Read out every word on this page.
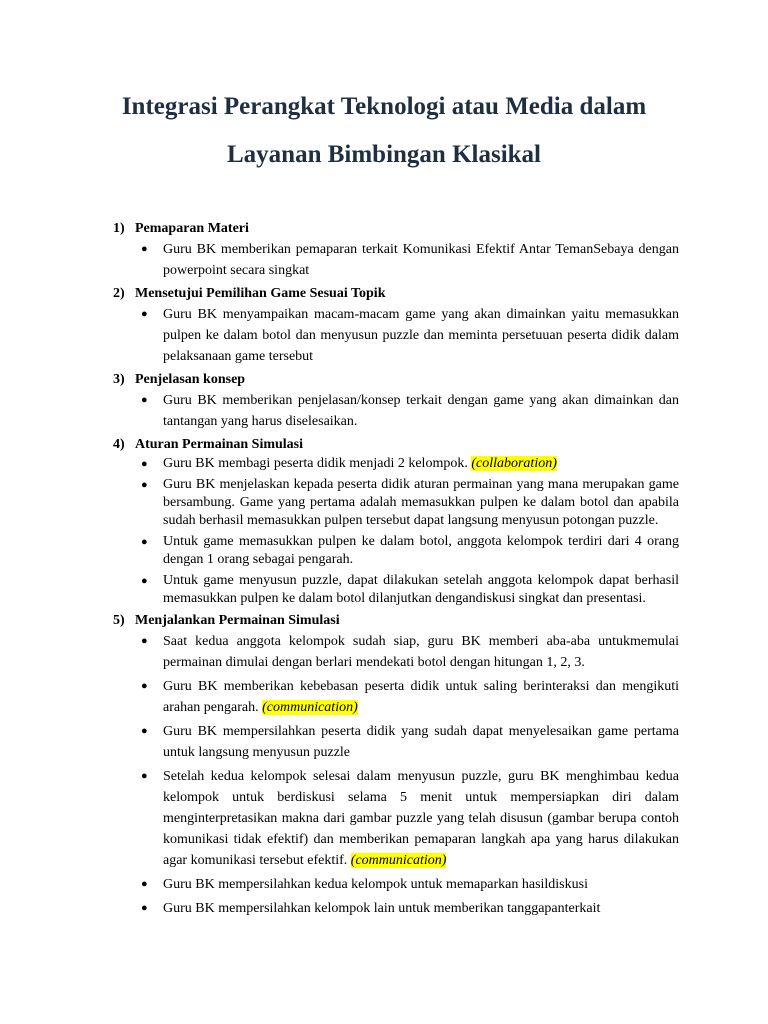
Integrasi Perangkat Teknologi atau Media dalam
Layanan Bimbingan Klasikal
1) Pemaparan Materi
● Guru BK memberikan pemaparan terkait Komunikasi Efektif Antar TemanSebaya dengan powerpoint secara singkat
2) Mensetujui Pemilihan Game Sesuai Topik
● Guru BK menyampaikan macam-macam game yang akan dimainkan yaitu memasukkan pulpen ke dalam botol dan menyusun puzzle dan meminta persetuuan peserta didik dalam pelaksanaan game tersebut
3) Penjelasan konsep
● Guru BK memberikan penjelasan/konsep terkait dengan game yang akan dimainkan dan tantangan yang harus diselesaikan.
4) Aturan Permainan Simulasi
● Guru BK membagi peserta didik menjadi 2 kelompok. (collaboration)
● Guru BK menjelaskan kepada peserta didik aturan permainan yang mana merupakan game bersambung. Game yang pertama adalah memasukkan pulpen ke dalam botol dan apabila sudah berhasil memasukkan pulpen tersebut dapat langsung menyusun potongan puzzle.
● Untuk game memasukkan pulpen ke dalam botol, anggota kelompok terdiri dari 4 orang dengan 1 orang sebagai pengarah.
● Untuk game menyusun puzzle, dapat dilakukan setelah anggota kelompok dapat berhasil memasukkan pulpen ke dalam botol dilanjutkan dengandiskusi singkat dan presentasi.
5) Menjalankan Permainan Simulasi
● Saat kedua anggota kelompok sudah siap, guru BK memberi aba-aba untukmemulai permainan dimulai dengan berlari mendekati botol dengan hitungan 1, 2, 3.
● Guru BK memberikan kebebasan peserta didik untuk saling berinteraksi dan mengikuti arahan pengarah. (communication)
● Guru BK mempersilahkan peserta didik yang sudah dapat menyelesaikan game pertama untuk langsung menyusun puzzle
● Setelah kedua kelompok selesai dalam menyusun puzzle, guru BK menghimbau kedua kelompok untuk berdiskusi selama 5 menit untuk mempersiapkan diri dalam menginterpretasikan makna dari gambar puzzle yang telah disusun (gambar berupa contoh komunikasi tidak efektif) dan memberikan pemaparan langkah apa yang harus dilakukan agar komunikasi tersebut efektif. (communication)
● Guru BK mempersilahkan kedua kelompok untuk memaparkan hasildiskusi
● Guru BK mempersilahkan kelompok lain untuk memberikan tanggapanterkait
